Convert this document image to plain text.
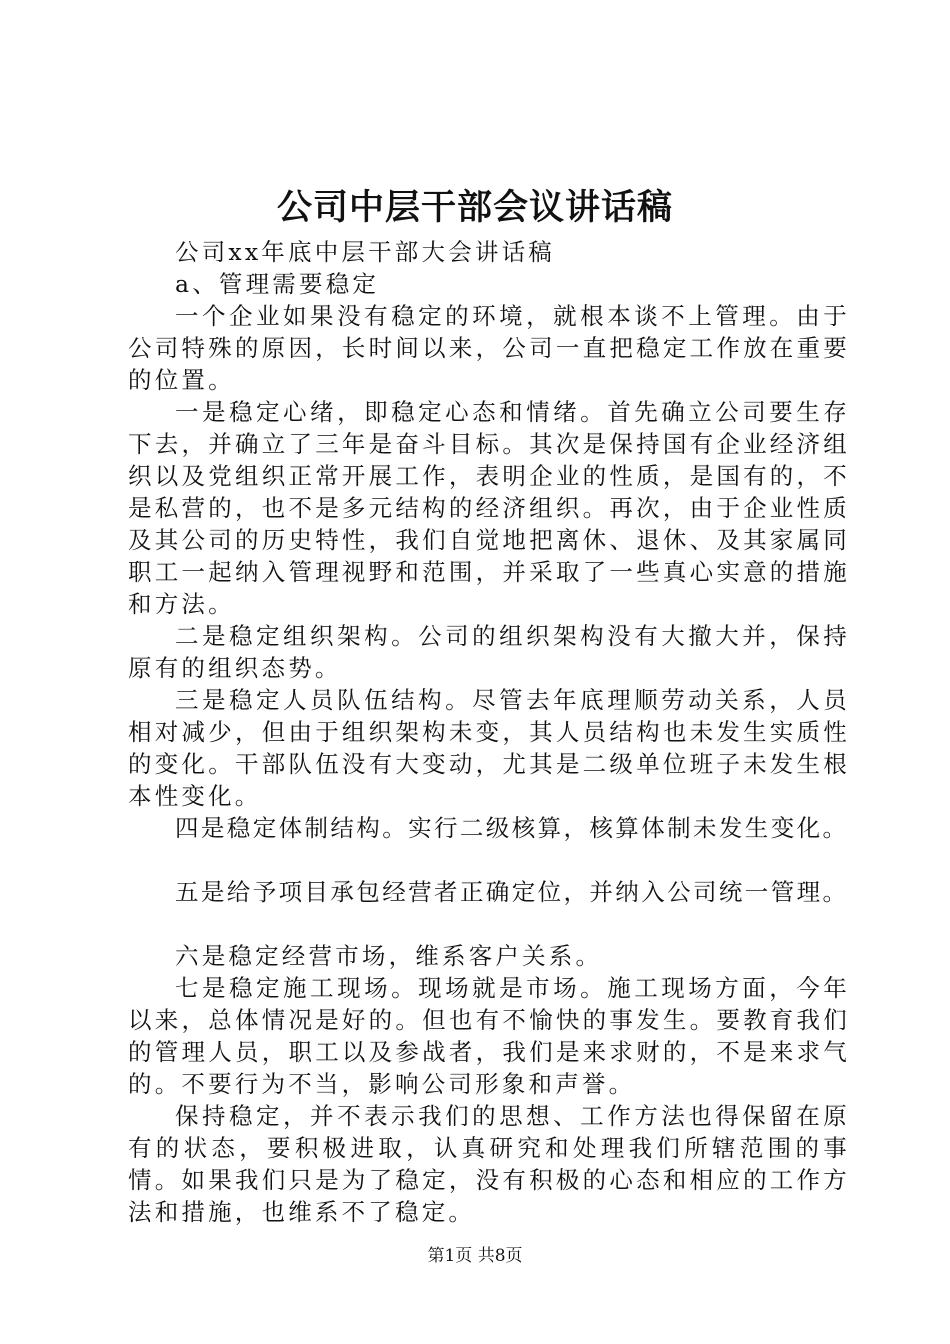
公司中层干部会议讲话稿

公司xx年底中层干部大会讲话稿

a、管理需要稳定

一个企业如果没有稳定的环境，就根本谈不上管理。由于公司特殊的原因，长时间以来，公司一直把稳定工作放在重要的位置。

一是稳定心绪，即稳定心态和情绪。首先确立公司要生存下去，并确立了三年是奋斗目标。其次是保持国有企业经济组织以及党组织正常开展工作，表明企业的性质，是国有的，不是私营的，也不是多元结构的经济组织。再次，由于企业性质及其公司的历史特性，我们自觉地把离休、退休、及其家属同职工一起纳入管理视野和范围，并采取了一些真心实意的措施和方法。

二是稳定组织架构。公司的组织架构没有大撤大并，保持原有的组织态势。

三是稳定人员队伍结构。尽管去年底理顺劳动关系，人员相对减少，但由于组织架构未变，其人员结构也未发生实质性的变化。干部队伍没有大变动，尤其是二级单位班子未发生根本性变化。

四是稳定体制结构。实行二级核算，核算体制未发生变化。

五是给予项目承包经营者正确定位，并纳入公司统一管理。

六是稳定经营市场，维系客户关系。

七是稳定施工现场。现场就是市场。施工现场方面，今年以来，总体情况是好的。但也有不愉快的事发生。要教育我们的管理人员，职工以及参战者，我们是来求财的，不是来求气的。不要行为不当，影响公司形象和声誉。

保持稳定，并不表示我们的思想、工作方法也得保留在原有的状态，要积极进取，认真研究和处理我们所辖范围的事情。如果我们只是为了稳定，没有积极的心态和相应的工作方法和措施，也维系不了稳定。

第1页 共8页
